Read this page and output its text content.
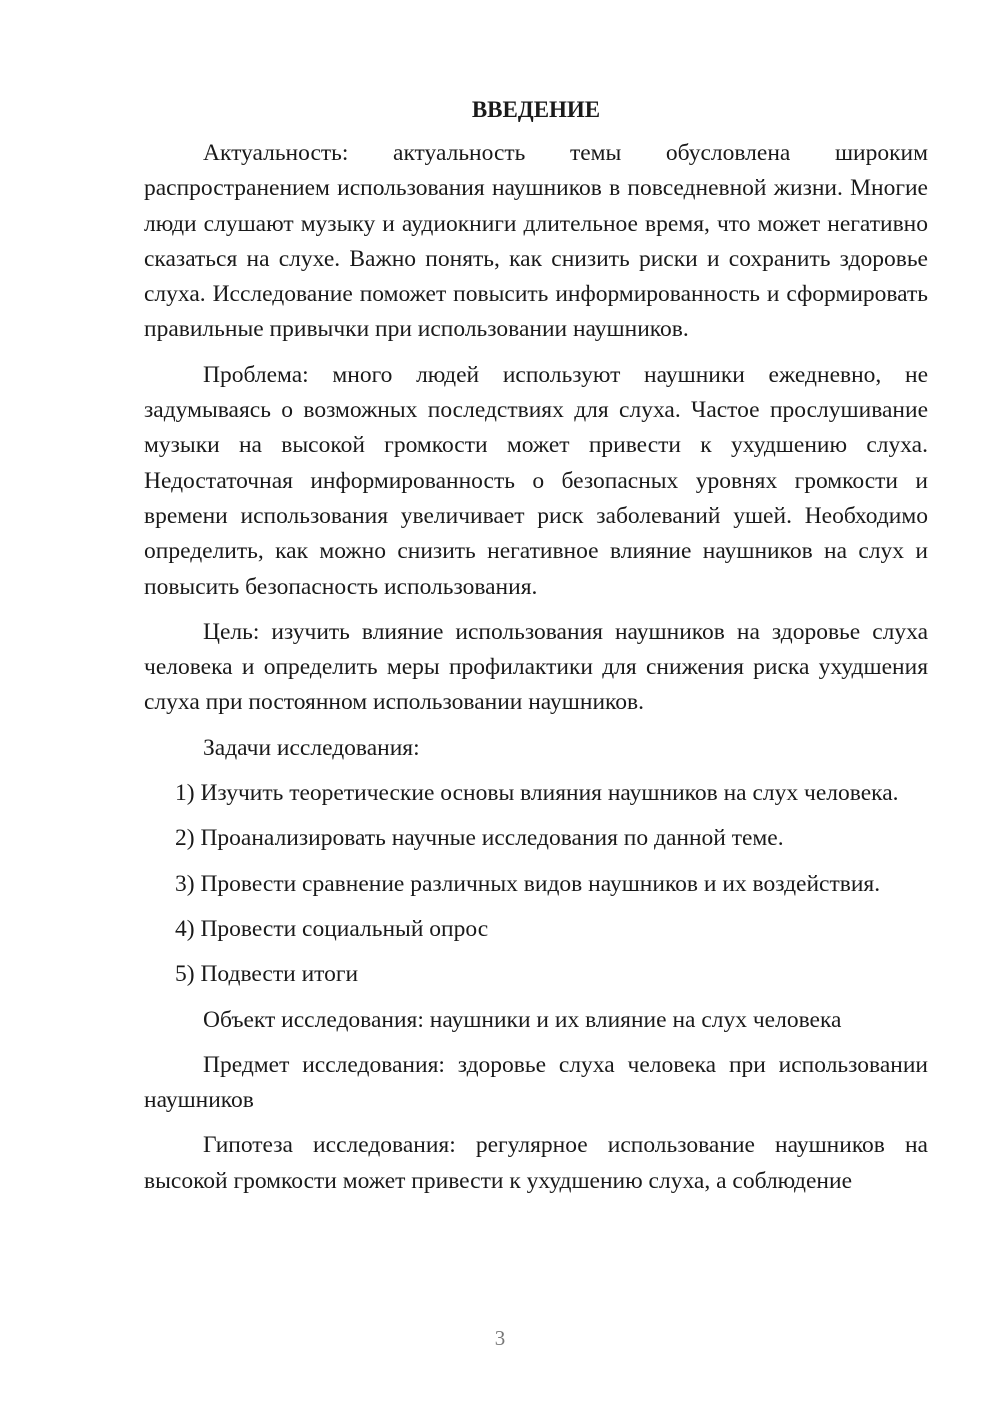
ВВЕДЕНИЕ

Актуальность: актуальность темы обусловлена широким распространением использования наушников в повседневной жизни. Многие люди слушают музыку и аудиокниги длительное время, что может негативно сказаться на слухе. Важно понять, как снизить риски и сохранить здоровье слуха. Исследование поможет повысить информированность и сформировать правильные привычки при использовании наушников.

Проблема: много людей используют наушники ежедневно, не задумываясь о возможных последствиях для слуха. Частое прослушивание музыки на высокой громкости может привести к ухудшению слуха. Недостаточная информированность о безопасных уровнях громкости и времени использования увеличивает риск заболеваний ушей. Необходимо определить, как можно снизить негативное влияние наушников на слух и повысить безопасность использования.

Цель: изучить влияние использования наушников на здоровье слуха человека и определить меры профилактики для снижения риска ухудшения слуха при постоянном использовании наушников.

Задачи исследования:

1) Изучить теоретические основы влияния наушников на слух человека.

2) Проанализировать научные исследования по данной теме.

3) Провести сравнение различных видов наушников и их воздействия.

4) Провести социальный опрос

5) Подвести итоги

Объект исследования: наушники и их влияние на слух человека

Предмет исследования: здоровье слуха человека при использовании наушников

Гипотеза исследования: регулярное использование наушников на высокой громкости может привести к ухудшению слуха, а соблюдение

3
